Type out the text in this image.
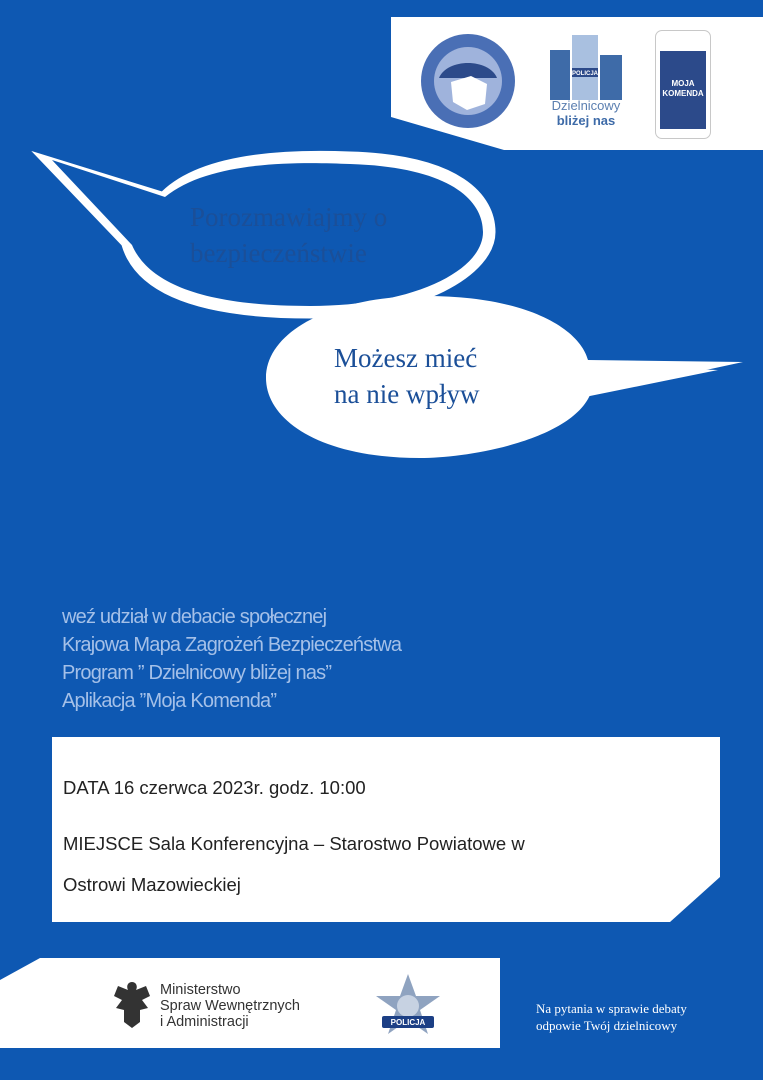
Porozmawiajmy o
bezpieczeństwie
Możesz mieć
na nie wpływ
POLICJA
Dzielnicowy
bliżej nas
MOJA
KOMENDA
weź udział w debacie społecznej
Krajowa Mapa Zagrożeń Bezpieczeństwa
Program ” Dzielnicowy bliżej nas”
Aplikacja ”Moja Komenda”
DATA 16 czerwca 2023r. godz. 10:00
MIEJSCE Sala Konferencyjna – Starostwo Powiatowe w
Ostrowi Mazowieckiej
Ministerstwo
Spraw Wewnętrznych
i Administracji	POLICJA
Na pytania w sprawie debaty
odpowie Twój dzielnicowy
